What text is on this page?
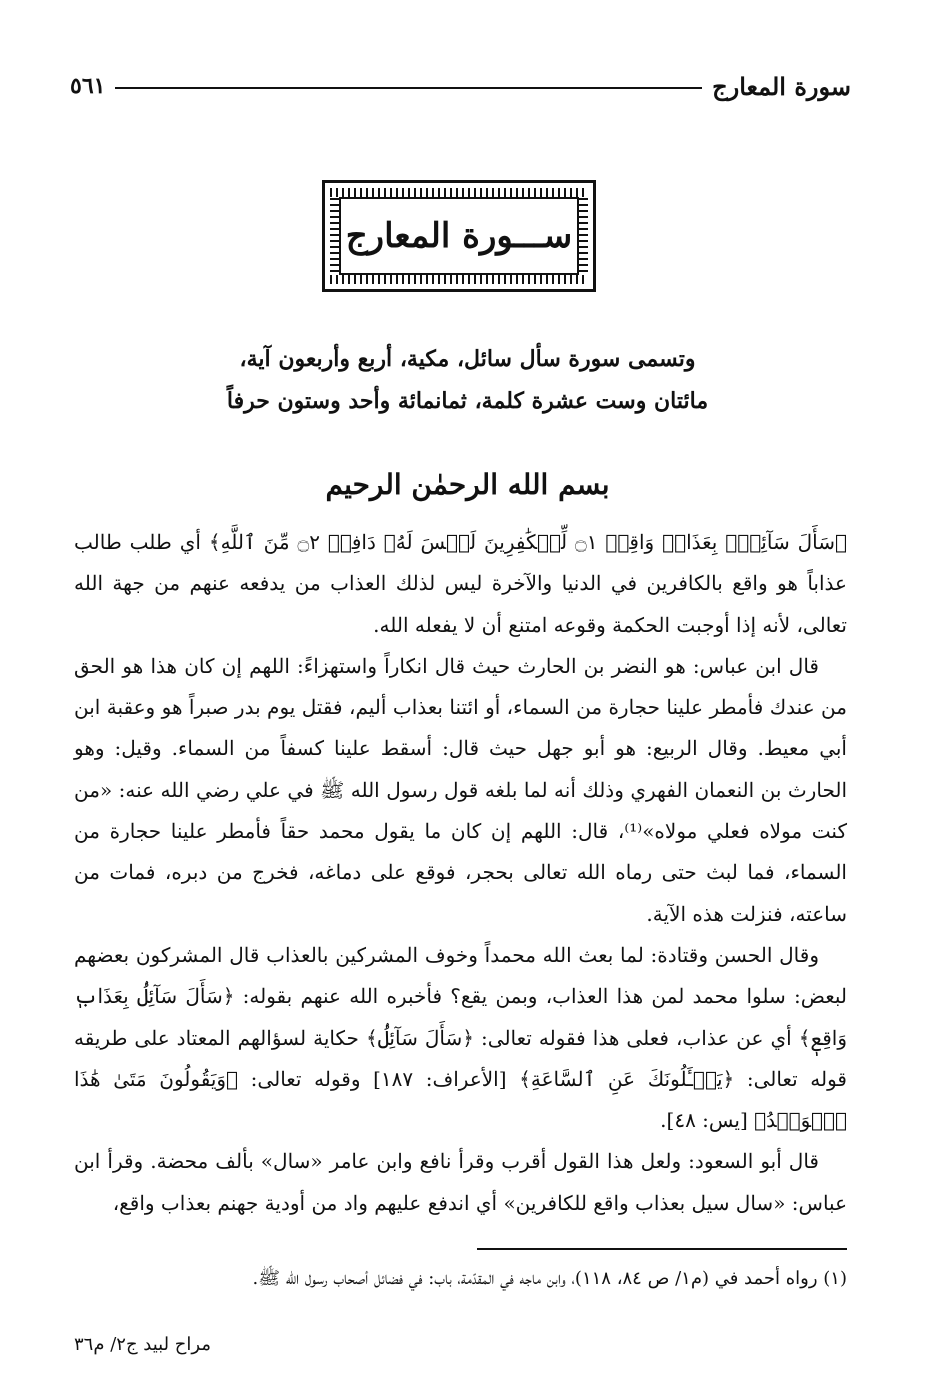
سورة المعارج
٥٦١
ســـورة المعارج
وتسمى سورة سأل سائل، مكية، أربع وأربعون آية،
مائتان وست عشرة كلمة، ثمانمائة وأحد وستون حرفاً
بسم الله الرحمٰن الرحيم

﴿سَأَلَ سَآئِلُۢ بِعَذَابٖ وَاقِعٖ ۝١ لِّلۡكَٰفِرِينَ لَيۡسَ لَهُۥ دَافِعٞ ۝٢ مِّنَ ٱللَّهِ﴾ أي طلب طالب عذاباً هو واقع بالكافرين في الدنيا والآخرة ليس لذلك العذاب من يدفعه عنهم من جهة الله تعالى، لأنه إذا أوجبت الحكمة وقوعه امتنع أن لا يفعله الله.

قال ابن عباس: هو النضر بن الحارث حيث قال انكاراً واستهزاءً: اللهم إن كان هذا هو الحق من عندك فأمطر علينا حجارة من السماء، أو ائتنا بعذاب أليم، فقتل يوم بدر صبراً هو وعقبة ابن أبي معيط. وقال الربيع: هو أبو جهل حيث قال: أسقط علينا كسفاً من السماء. وقيل: وهو الحارث بن النعمان الفهري وذلك أنه لما بلغه قول رسول الله ﷺ في علي رضي الله عنه: «من كنت مولاه فعلي مولاه»⁽¹⁾، قال: اللهم إن كان ما يقول محمد حقاً فأمطر علينا حجارة من السماء، فما لبث حتى رماه الله تعالى بحجر، فوقع على دماغه، فخرج من دبره، فمات من ساعته، فنزلت هذه الآية.

وقال الحسن وقتادة: لما بعث الله محمداً وخوف المشركين بالعذاب قال المشركون بعضهم لبعض: سلوا محمد لمن هذا العذاب، وبمن يقع؟ فأخبره الله عنهم بقوله: ﴿سَأَلَ سَآئِلُۢ بِعَذَابٖ وَاقِعٖ﴾ أي عن عذاب، فعلى هذا فقوله تعالى: ﴿سَأَلَ سَآئِلُۢ﴾ حكاية لسؤالهم المعتاد على طريقه قوله تعالى: ﴿يَسۡـَٔلُونَكَ عَنِ ٱلسَّاعَةِ﴾ [الأعراف: ١٨٧] وقوله تعالى: ﴿وَيَقُولُونَ مَتَىٰ هَٰذَا ٱلۡوَعۡدُ﴾ [يس: ٤٨].

قال أبو السعود: ولعل هذا القول أقرب وقرأ نافع وابن عامر «سال» بألف محضة. وقرأ ابن عباس: «سال سيل بعذاب واقع للكافرين» أي اندفع عليهم واد من أودية جهنم بعذاب واقع،

(١) رواه أحمد في (م١/ ص ٨٤، ١١٨)، وابن ماجه في المقدّمة، باب: في فضائل أصحاب رسول الله ﷺ.
مراح لبيد ج٢/ م٣٦
